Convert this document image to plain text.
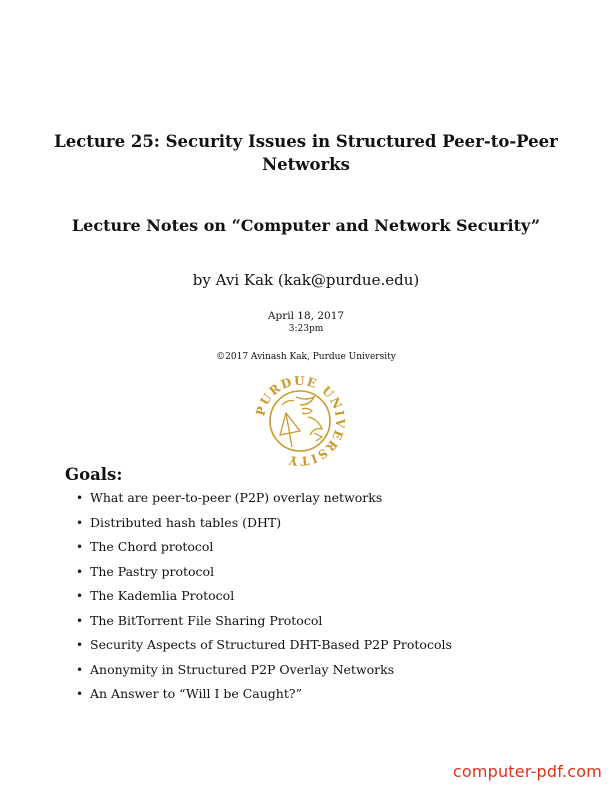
Lecture 25: Security Issues in Structured Peer-to-Peer
Networks
Lecture Notes on “Computer and Network Security”
by Avi Kak (kak@purdue.edu)
April 18, 2017
3:23pm
©2017 Avinash Kak, Purdue University
PURDUE UNIVERSITY
Goals:
• What are peer-to-peer (P2P) overlay networks
• Distributed hash tables (DHT)
• The Chord protocol
• The Pastry protocol
• The Kademlia Protocol
• The BitTorrent File Sharing Protocol
• Security Aspects of Structured DHT-Based P2P Protocols
• Anonymity in Structured P2P Overlay Networks
• An Answer to “Will I be Caught?”
computer-pdf.com
